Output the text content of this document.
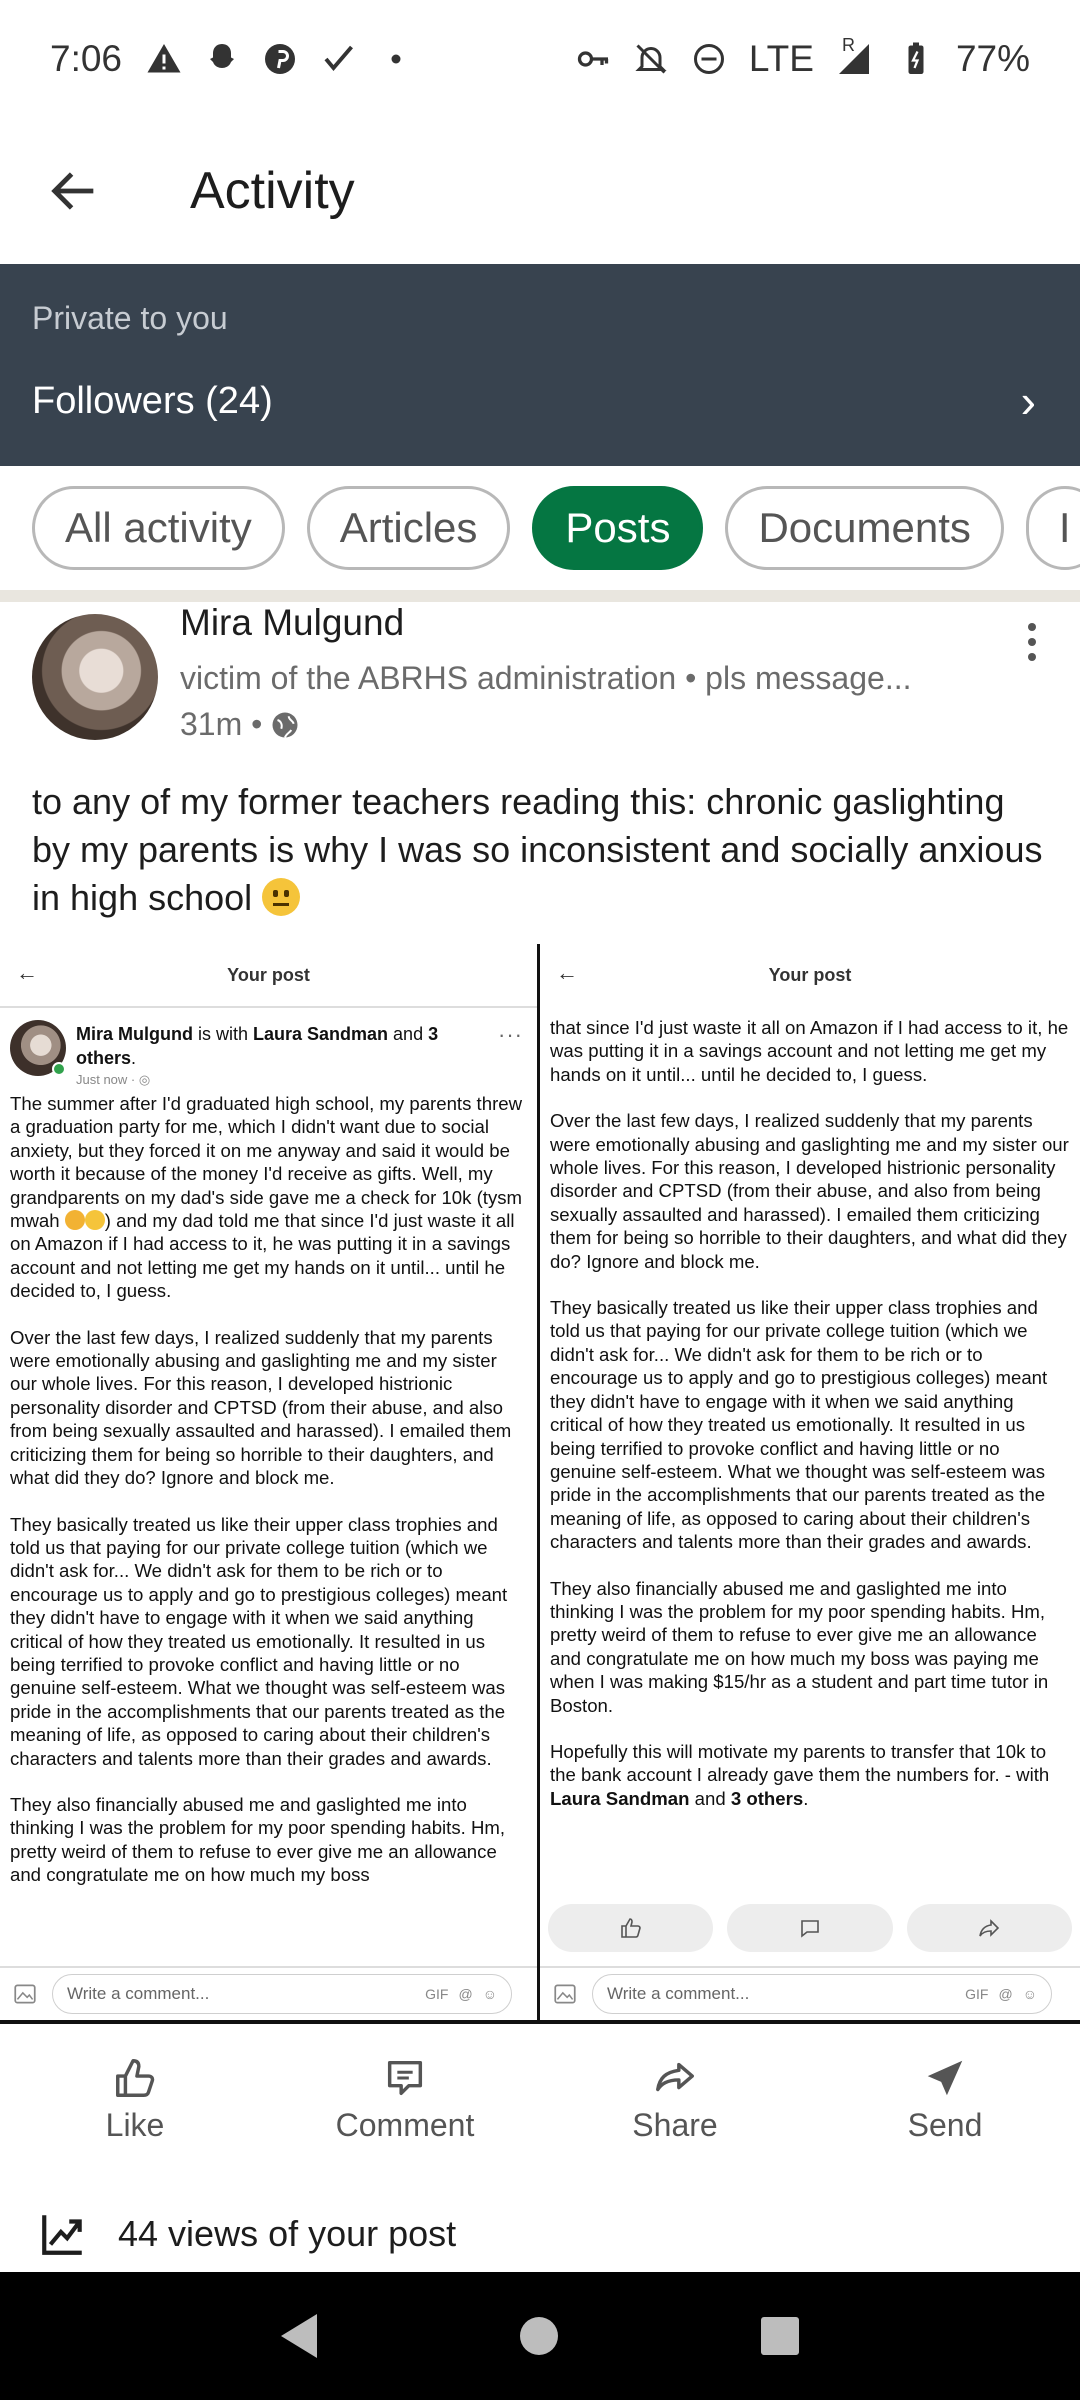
7:06	LTE R	77%
Activity
Private to you
Followers (24)	›
All activity	Articles	Posts	Documents	I
Mira Mulgund
victim of the ABRHS administration • pls message...
31m •
to any of my former teachers reading this: chronic gaslighting by my parents is why I was so inconsistent and socially anxious in high school
←	Your post
Mira Mulgund is with Laura Sandman and 3 others.
Just now · ◎
···

The summer after I'd graduated high school, my parents threw a graduation party for me, which I didn't want due to social anxiety, but they forced it on me anyway and said it would be worth it because of the money I'd receive as gifts. Well, my grandparents on my dad's side gave me a check for 10k (tysm mwah ) and my dad told me that since I'd just waste it all on Amazon if I had access to it, he was putting it in a savings account and not letting me get my hands on it until... until he decided to, I guess.

Over the last few days, I realized suddenly that my parents were emotionally abusing and gaslighting me and my sister our whole lives. For this reason, I developed histrionic personality disorder and CPTSD (from their abuse, and also from being sexually assaulted and harassed). I emailed them criticizing them for being so horrible to their daughters, and what did they do? Ignore and block me.

They basically treated us like their upper class trophies and told us that paying for our private college tuition (which we didn't ask for... We didn't ask for them to be rich or to encourage us to apply and go to prestigious colleges) meant they didn't have to engage with it when we said anything critical of how they treated us emotionally. It resulted in us being terrified to provoke conflict and having little or no genuine self-esteem. What we thought was self-esteem was pride in the accomplishments that our parents treated as the meaning of life, as opposed to caring about their children's characters and talents more than their grades and awards.

They also financially abused me and gaslighted me into thinking I was the problem for my poor spending habits. Hm, pretty weird of them to refuse to ever give me an allowance and congratulate me on how much my boss

Write a comment...	GIF @ ☺
←	Your post

that since I'd just waste it all on Amazon if I had access to it, he was putting it in a savings account and not letting me get my hands on it until... until he decided to, I guess.

Over the last few days, I realized suddenly that my parents were emotionally abusing and gaslighting me and my sister our whole lives. For this reason, I developed histrionic personality disorder and CPTSD (from their abuse, and also from being sexually assaulted and harassed). I emailed them criticizing them for being so horrible to their daughters, and what did they do? Ignore and block me.

They basically treated us like their upper class trophies and told us that paying for our private college tuition (which we didn't ask for... We didn't ask for them to be rich or to encourage us to apply and go to prestigious colleges) meant they didn't have to engage with it when we said anything critical of how they treated us emotionally. It resulted in us being terrified to provoke conflict and having little or no genuine self-esteem. What we thought was self-esteem was pride in the accomplishments that our parents treated as the meaning of life, as opposed to caring about their children's characters and talents more than their grades and awards.

They also financially abused me and gaslighted me into thinking I was the problem for my poor spending habits. Hm, pretty weird of them to refuse to ever give me an allowance and congratulate me on how much my boss was paying me when I was making $15/hr as a student and part time tutor in Boston.

Hopefully this will motivate my parents to transfer that 10k to the bank account I already gave them the numbers for. - with Laura Sandman and 3 others.

Write a comment...	GIF @ ☺
Like	Comment	Share	Send
44 views of your post
